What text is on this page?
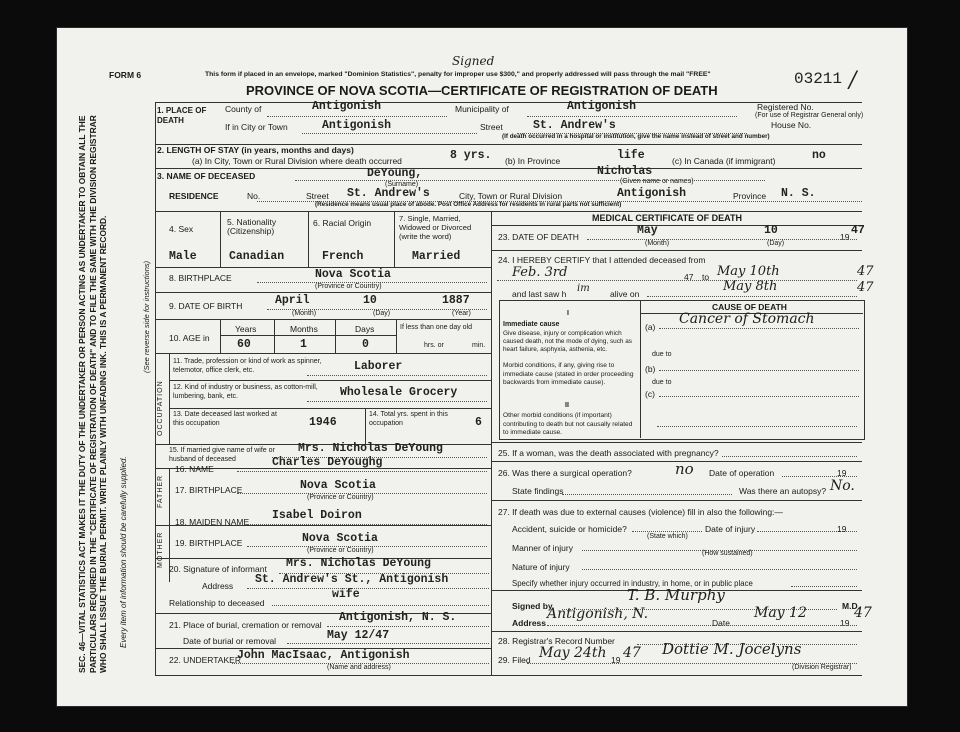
SEC. 46—VITAL STATISTICS ACT MAKES IT THE DUTY OF THE UNDERTAKER OR PERSON ACTING AS UNDERTAKER TO OBTAIN ALL THE PARTICULARS REQUIRED IN THE "CERTIFICATE OF REGISTRATION OF DEATH" AND TO FILE THE SAME WITH THE DIVISION REGISTRAR WHO SHALL ISSUE THE BURIAL PERMIT. WRITE PLAINLY WITH UNFADING INK. THIS IS A PERMANENT RECORD. Every item of information should be carefully supplied.
(See reverse side for instructions)
FORM 6	This form if placed in an envelope, marked "Dominion Statistics", penalty for improper use $300," and properly addressed will pass through the mail "FREE"
Signed
PROVINCE OF NOVA SCOTIA—CERTIFICATE OF REGISTRATION OF DEATH
03211 /
1. PLACE OF DEATH
County of	Antigonish	Municipality of	Antigonish	Registered No.
(For use of Registrar General only)
If in City or Town	Antigonish	Street	St. Andrew's	House No.
(If death occurred in a hospital or institution, give the name instead of street and number)
2. LENGTH OF STAY (in years, months and days)
(a) In City, Town or Rural Division where death occurred	8 yrs. (b) In Province	life	(c) In Canada (if immigrant)	no
3. NAME OF DECEASED	DeYoung,
(Surname)
Nicholas
(Given name or names)
RESIDENCE	No.	Street St. Andrew's	City, Town or Rural Division	Antigonish	Province N. S.
(Residence means usual place of abode. Post Office Address for residents in rural parts not sufficient)
4. Sex
5. Nationality (Citizenship)
6. Racial Origin	7. Single, Married, Widowed or Divorced (write the word)
Male	Canadian	French	Married
8. BIRTHPLACE	Nova Scotia
(Province or Country)
9. DATE OF BIRTH	April	10	1887
(Month)	(Day)	(Year)
10. AGE in
Years	Months	Days
60	1	0
If less than one day old
hrs. or	min.
OCCUPATION
11. Trade, profession or kind of work as spinner, telemotor, office clerk, etc.	Laborer
12. Kind of industry or business, as cotton-mill, lumbering, bank, etc.	Wholesale Grocery
13. Date deceased last worked at this occupation	1946
14. Total yrs. spent in this occupation	6
15. If married give name of wife or husband of deceased
Mrs. Nicholas DeYoung
FATHER
16. NAME	Charles DeYoughg
17. BIRTHPLACE	Nova Scotia
(Province or Country)
MOTHER
18. MAIDEN NAME Isabel Doiron
19. BIRTHPLACE	Nova Scotia
(Province or Country)
20. Signature of informant Mrs. Nicholas DeYoung
Address St. Andrew's St., Antigonish
wife
Relationship to deceased
21. Place of burial, cremation or removal
Antigonish, N. S.
Date of burial or removal	May 12/47
22. UNDERTAKER
John MacIsaac, Antigonish
(Name and address)
MEDICAL CERTIFICATE OF DEATH
23. DATE OF DEATH	May	10	19 47
(Month)	(Day)
24. I HEREBY CERTIFY that I attended deceased from
Feb. 3rd	47 to May 10th	47
and last saw h im alive on	May 8th	47
CAUSE OF DEATH
I
Immediate cause
Give disease, injury or complication which caused death, not the mode of dying, such as heart failure, asphyxia, asthenia, etc.
(a) Cancer of Stomach
due to
(b)
due to
(c)
Morbid conditions, if any, giving rise to immediate cause (stated in order proceeding backwards from immediate cause).
II
Other morbid conditions (if important) contributing to death but not causally related to immediate cause.
25. If a woman, was the death associated with pregnancy?
26. Was there a surgical operation?	no Date of operation	19
State findings	Was there an autopsy? No.
27. If death was due to external causes (violence) fill in also the following:—
Accident, suicide or homicide?	Date of injury	19
(State which)
Manner of injury
(How sustained)
Nature of injury
Specify whether injury occurred in industry, in home, or in public place
Signed by
T. B. Murphy
M.D.
Address
Antigonish, N.
Date
May 12
19
47
28. Registrar's Record Number
29. Filed May 24th 19 47 Dottie M. Jocelyns
(Division Registrar)
